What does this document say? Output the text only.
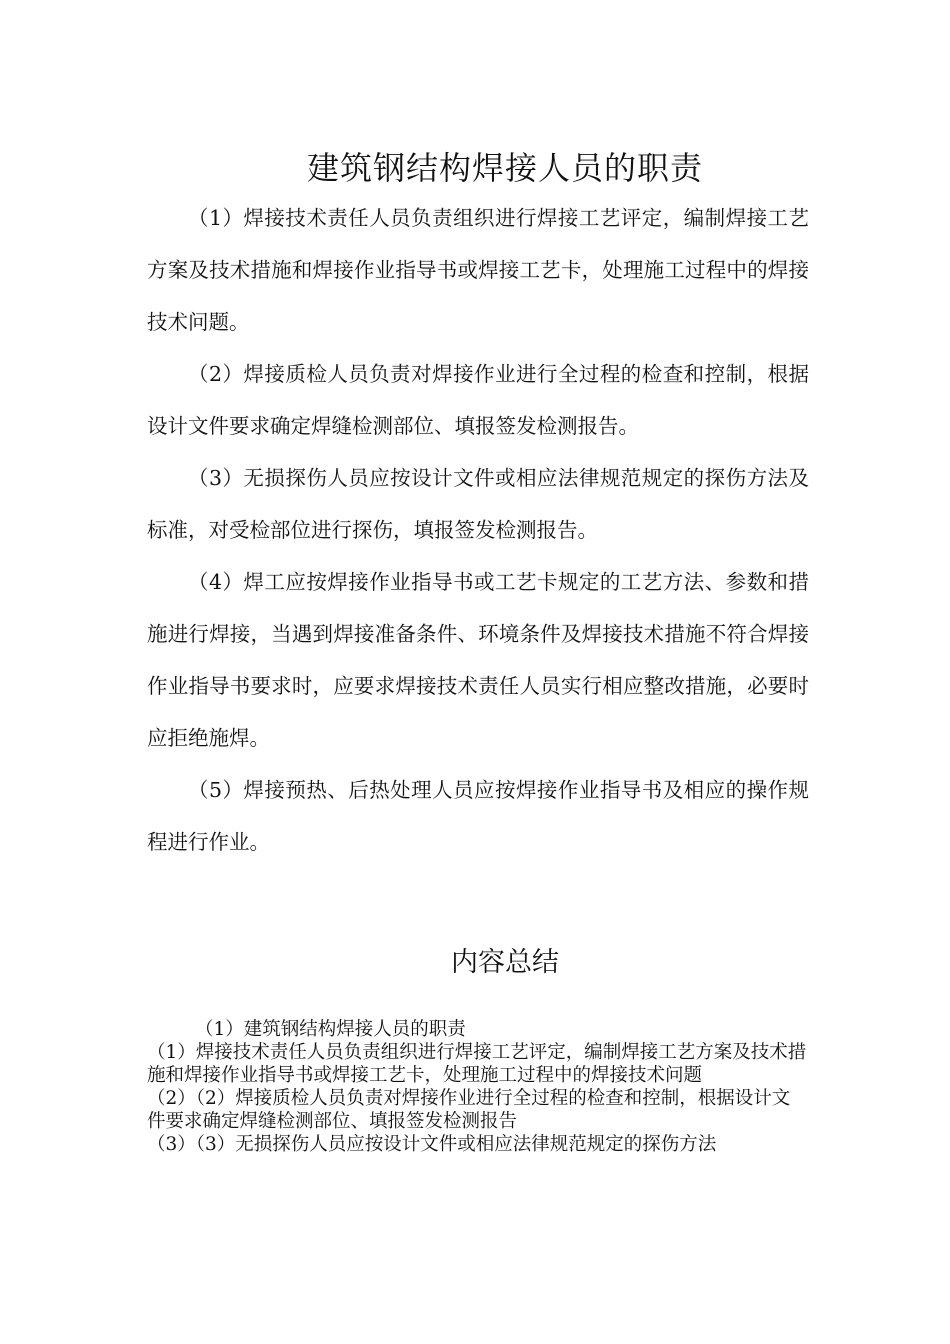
建筑钢结构焊接人员的职责

（1）焊接技术责任人员负责组织进行焊接工艺评定，编制焊接工艺方案及技术措施和焊接作业指导书或焊接工艺卡，处理施工过程中的焊接技术问题。

（2）焊接质检人员负责对焊接作业进行全过程的检查和控制，根据设计文件要求确定焊缝检测部位、填报签发检测报告。

（3）无损探伤人员应按设计文件或相应法律规范规定的探伤方法及标准，对受检部位进行探伤，填报签发检测报告。

（4）焊工应按焊接作业指导书或工艺卡规定的工艺方法、参数和措施进行焊接，当遇到焊接准备条件、环境条件及焊接技术措施不符合焊接作业指导书要求时，应要求焊接技术责任人员实行相应整改措施，必要时应拒绝施焊。

（5）焊接预热、后热处理人员应按焊接作业指导书及相应的操作规程进行作业。

内容总结
（1）建筑钢结构焊接人员的职责
（1）焊接技术责任人员负责组织进行焊接工艺评定，编制焊接工艺方案及技术措施和焊接作业指导书或焊接工艺卡，处理施工过程中的焊接技术问题
（2）（2）焊接质检人员负责对焊接作业进行全过程的检查和控制，根据设计文件要求确定焊缝检测部位、填报签发检测报告
（3）（3）无损探伤人员应按设计文件或相应法律规范规定的探伤方法
